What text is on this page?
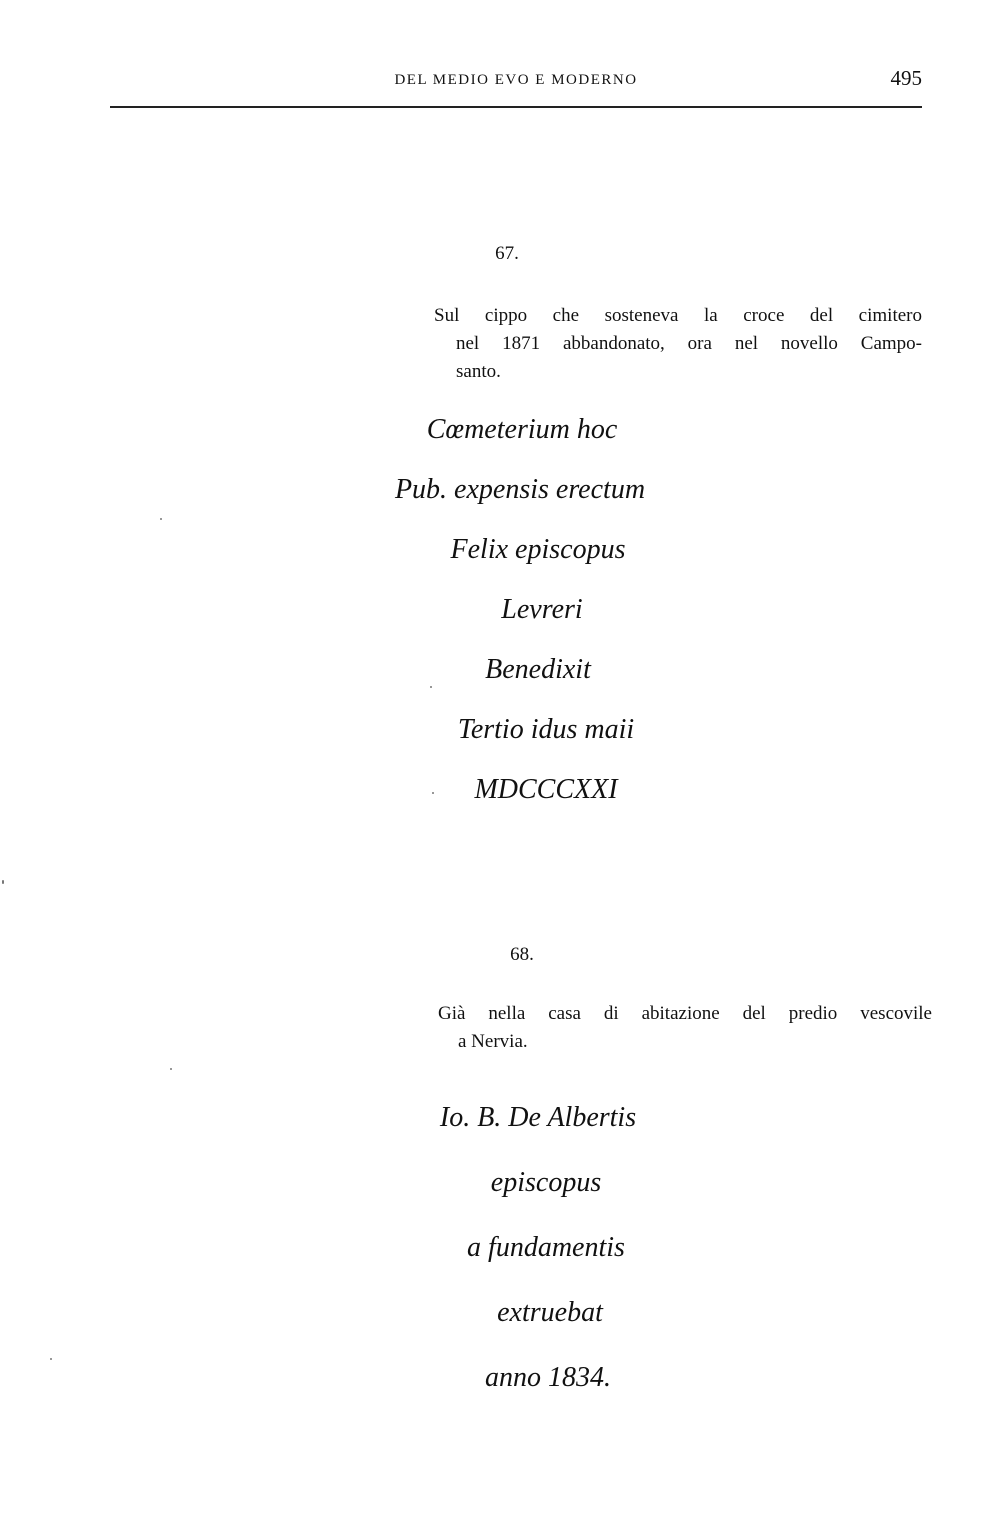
DEL MEDIO EVO E MODERNO	495
67.
Sul cippo che sosteneva la croce del cimitero
nel 1871 abbandonato, ora nel novello Campo-
santo.
Cœmeterium hoc
Pub. expensis erectum
Felix episcopus
Levreri
Benedixit
Tertio idus maii
MDCCCXXI
68.
Già nella casa di abitazione del predio vescovile
a Nervia.
Io. B. De Albertis
episcopus
a fundamentis
extruebat
anno 1834.
